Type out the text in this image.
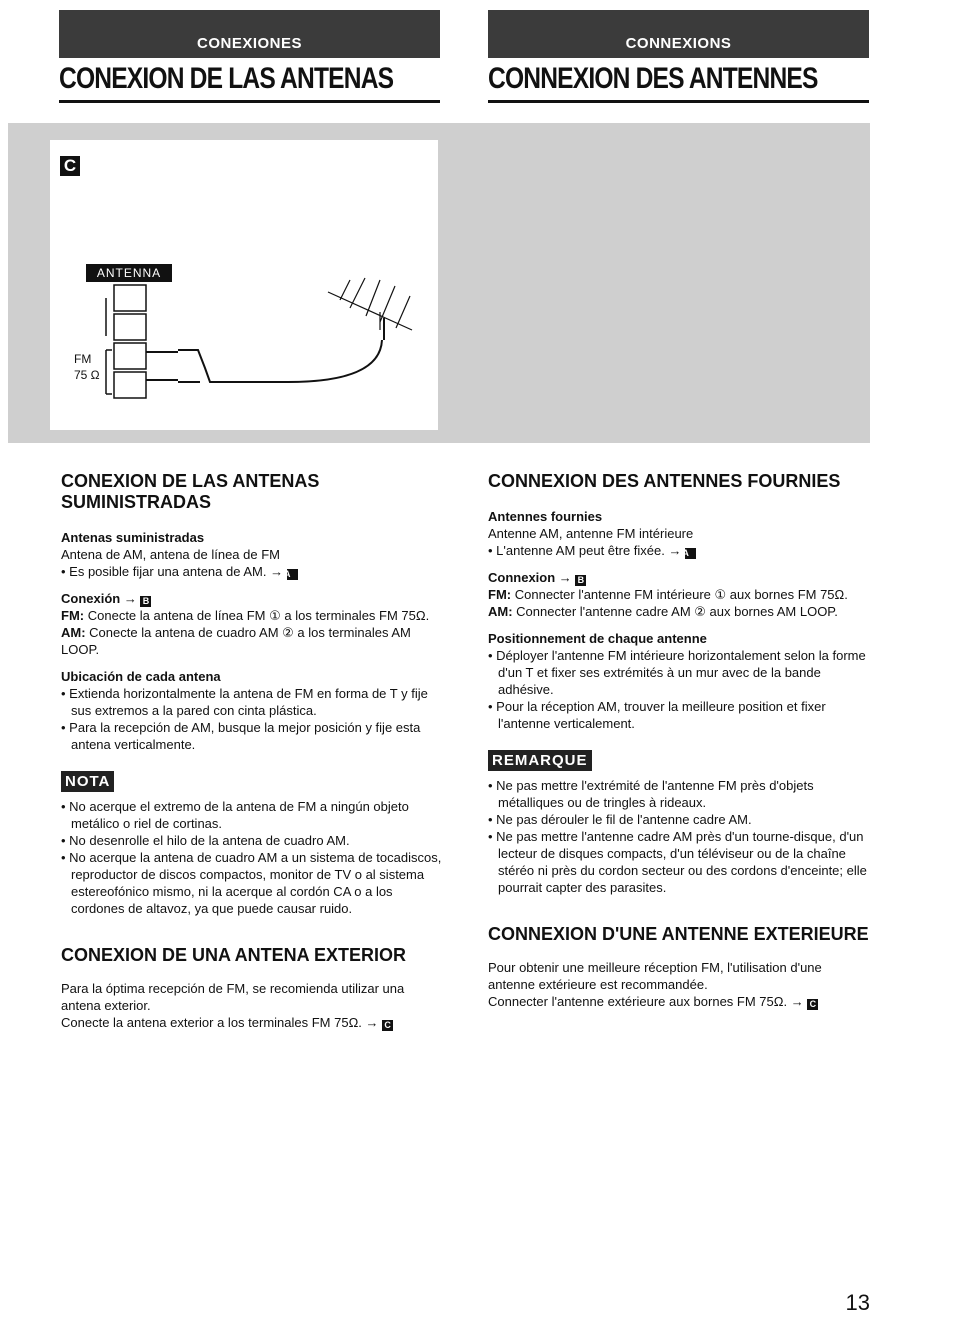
CONEXIONES	CONNEXIONS
CONEXION DE LAS ANTENAS	CONNEXION DES ANTENNES
C
ANTENNA
FM
75 Ω

CONEXION DE LAS ANTENAS SUMINISTRADAS

Antenas suministradas

Antena de AM, antena de línea de FM

• Es posible fijar una antena de AM. → A

Conexión → B

FM: Conecte la antena de línea FM ① a los terminales FM 75Ω.

AM: Conecte la antena de cuadro AM ② a los terminales AM LOOP.

Ubicación de cada antena

• Extienda horizontalmente la antena de FM en forma de T y fije sus extremos a la pared con cinta plástica.

• Para la recepción de AM, busque la mejor posición y fije esta antena verticalmente.

NOTA

• No acerque el extremo de la antena de FM a ningún objeto metálico o riel de cortinas.

• No desenrolle el hilo de la antena de cuadro AM.

• No acerque la antena de cuadro AM a un sistema de tocadiscos, reproductor de discos compactos, monitor de TV o al sistema estereofónico mismo, ni la acerque al cordón CA o a los cordones de altavoz, ya que puede causar ruido.

CONEXION DE UNA ANTENA EXTERIOR

Para la óptima recepción de FM, se recomienda utilizar una antena exterior.

Conecte la antena exterior a los terminales FM 75Ω. → C

CONNEXION DES ANTENNES FOURNIES

Antennes fournies

Antenne AM, antenne FM intérieure

• L'antenne AM peut être fixée. → A

Connexion → B

FM: Connecter l'antenne FM intérieure ① aux bornes FM 75Ω.

AM: Connecter l'antenne cadre AM ② aux bornes AM LOOP.

Positionnement de chaque antenne

• Déployer l'antenne FM intérieure horizontalement selon la forme d'un T et fixer ses extrémités à un mur avec de la bande adhésive.

• Pour la réception AM, trouver la meilleure position et fixer l'antenne verticalement.

REMARQUE

• Ne pas mettre l'extrémité de l'antenne FM près d'objets métalliques ou de tringles à rideaux.

• Ne pas dérouler le fil de l'antenne cadre AM.

• Ne pas mettre l'antenne cadre AM près d'un tourne-disque, d'un lecteur de disques compacts, d'un téléviseur ou de la chaîne stéréo ni près du cordon secteur ou des cordons d'enceinte; elle pourrait capter des parasites.

CONNEXION D'UNE ANTENNE EXTERIEURE

Pour obtenir une meilleure réception FM, l'utilisation d'une antenne extérieure est recommandée.

Connecter l'antenne extérieure aux bornes FM 75Ω. → C

13
